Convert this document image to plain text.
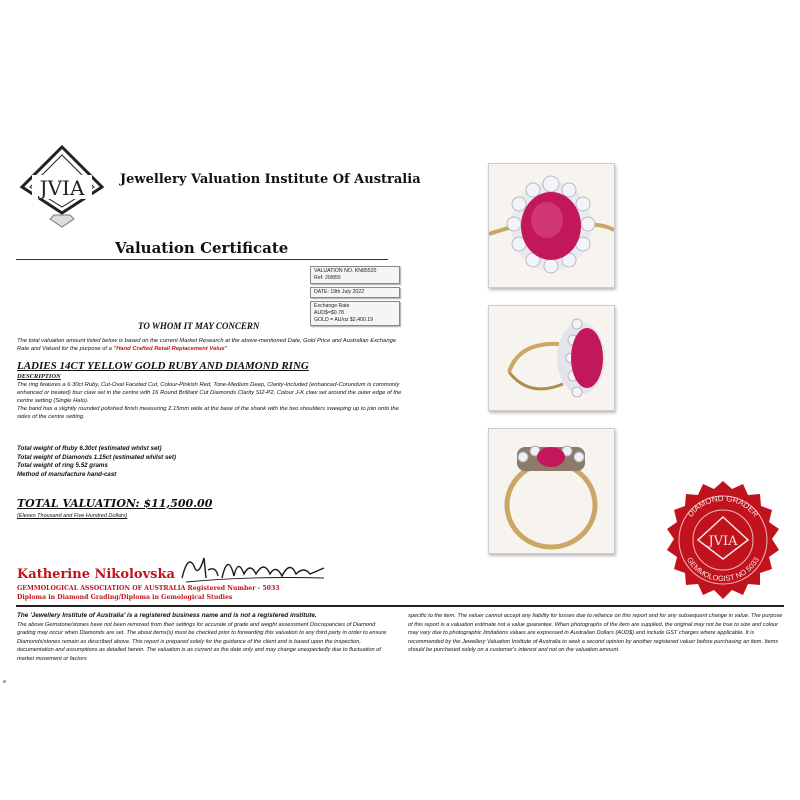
JVIA	Jewellery Valuation Institute Of Australia
Valuation Certificate
VALUATION NO. KN85520
Ref: 20/855
DATE: 19th July 2022
Exchange Rate
AUD$=$0.78
GOLD = AU/oz $2,400.19
TO WHOM IT MAY CONCERN
The total valuation amount listed below is based on the current Market Research at the above-mentioned Date, Gold Price and Australian Exchange Rate and Valued for the purpose of a "Hand Crafted Retail Replacement Value"
LADIES 14CT YELLOW GOLD RUBY AND DIAMOND RING
DESCRIPTION
The ring features a 6.30ct Ruby, Cut-Oval Faceted Cut, Colour-Pinkish Red, Tone-Medium Deep, Clarity-Included (enhanced-Corundum is commonly enhanced or treated) four claw set in the centre with 16 Round Brilliant Cut Diamonds Clarity SI2-P2, Colour J-K claw set around the outer edge of the centre setting (Single Halo).
The band has a slightly rounded polished finish measuring 2.15mm wide at the base of the shank with the two shoulders sweeping up to join onto the sides of the centre setting.
Total weight of Ruby 6.30ct (estimated whilst set)
Total weight of Diamonds 1.15ct (estimated whilst set)
Total weight of ring 5.52 grams
Method of manufacture hand-cast
TOTAL VALUATION: $11,500.00
(Eleven Thousand and Five Hundred Dollars)
Katherine Nikolovska
GEMMOLOGICAL ASSOCIATION OF AUSTRALIA Registered Number - 5033
Diploma in Diamond Grading/Diploma in Gemological Studies
DIAMOND GRADER
GEMMOLOGIST NO 5033
JVIA
The 'Jewellery Institute of Australia' is a registered business name and is not a registered institute.
The above Gemstone/stones have not been removed from their settings for accurate of grade and weight assessment Discrepancies of Diamond grading may occur when Diamonds are set. The about items(s) must be checked prior to forwarding this valuation to any third party in order to ensure Diamonds/stones remain as described above. This report is prepared solely for the guidance of the client and is based upon the inspection, documentation and assumptions as detailed herein. The valuation is as current as the date only and may change unexpectedly due to fluctuation of market movement or factors
specific to the item. The valuer cannot accept any liability for losses due to reliance on this report and for any subsequent change in value. The purpose of this report is a valuation estimate not a value guarantee. When photographs of the item are supplied, the original may not be true to size and colour may vary due to photographic limitations values are expressed in Australian Dollars (AUD$) and include GST charges where applicable. It is recommended by the Jewellery Valuation Institute of Australia to seek a second opinion by another registered valuer before purchasing an item. Items should be purchased solely on a customer's interest and not on the valuation amount.
